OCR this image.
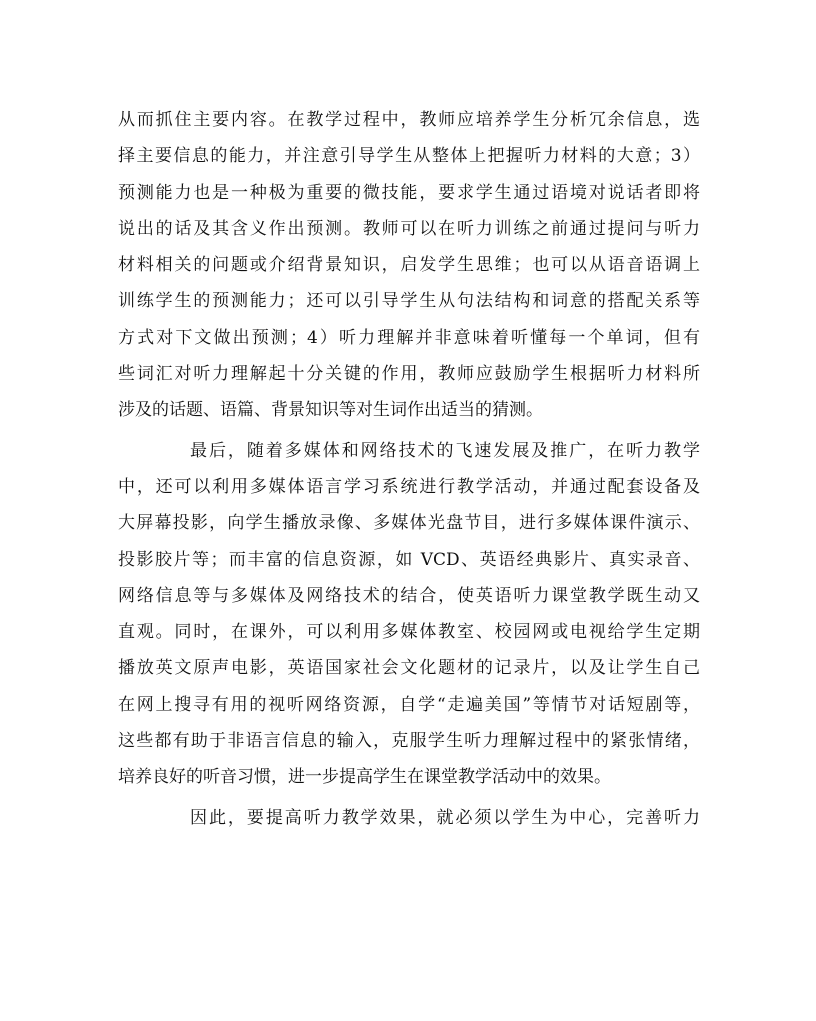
从而抓住主要内容。在教学过程中，教师应培养学生分析冗余信息，选
择主要信息的能力，并注意引导学生从整体上把握听力材料的大意；3）
预测能力也是一种极为重要的微技能，要求学生通过语境对说话者即将
说出的话及其含义作出预测。教师可以在听力训练之前通过提问与听力
材料相关的问题或介绍背景知识，启发学生思维；也可以从语音语调上
训练学生的预测能力；还可以引导学生从句法结构和词意的搭配关系等
方式对下文做出预测；4）听力理解并非意味着听懂每一个单词，但有
些词汇对听力理解起十分关键的作用，教师应鼓励学生根据听力材料所
涉及的话题、语篇、背景知识等对生词作出适当的猜测。
最后，随着多媒体和网络技术的飞速发展及推广，在听力教学
中，还可以利用多媒体语言学习系统进行教学活动，并通过配套设备及
大屏幕投影，向学生播放录像、多媒体光盘节目，进行多媒体课件演示、
投影胶片等；而丰富的信息资源，如 VCD、英语经典影片、真实录音、
网络信息等与多媒体及网络技术的结合，使英语听力课堂教学既生动又
直观。同时，在课外，可以利用多媒体教室、校园网或电视给学生定期
播放英文原声电影，英语国家社会文化题材的记录片，以及让学生自己
在网上搜寻有用的视听网络资源，自学“走遍美国”等情节对话短剧等，
这些都有助于非语言信息的输入，克服学生听力理解过程中的紧张情绪，
培养良好的听音习惯，进一步提高学生在课堂教学活动中的效果。
因此，要提高听力教学效果，就必须以学生为中心，完善听力
